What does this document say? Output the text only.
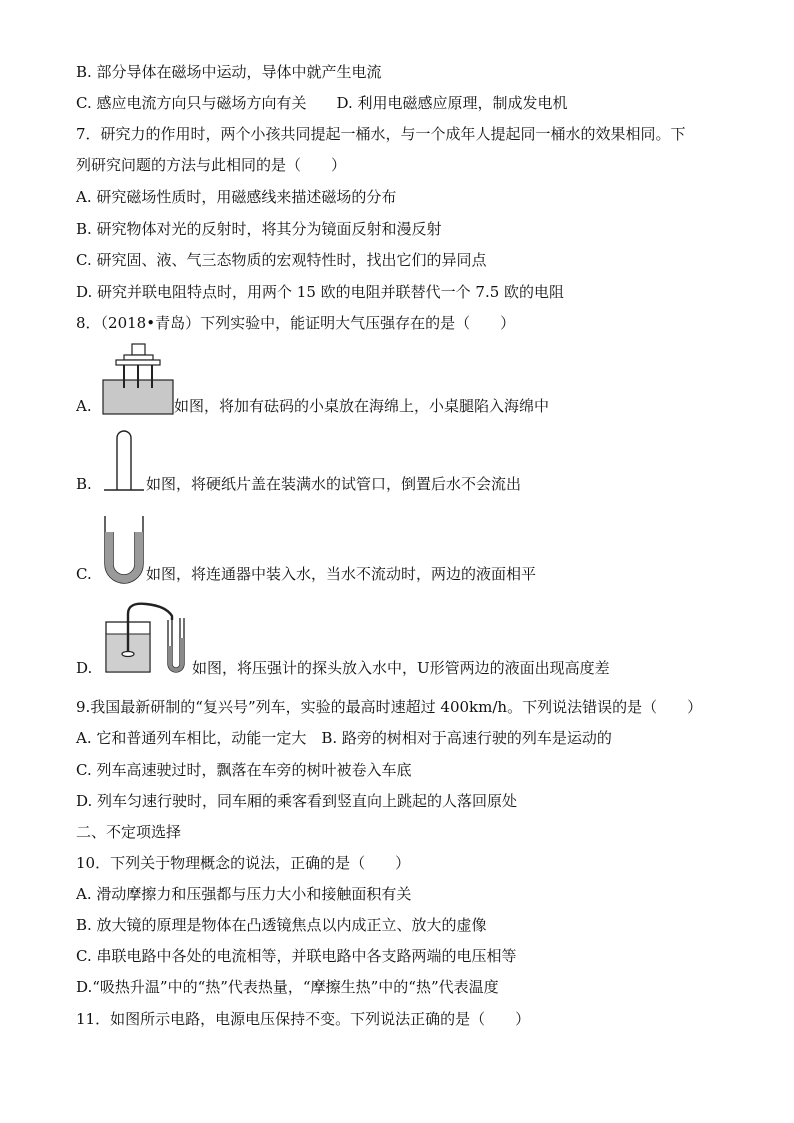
B. 部分导体在磁场中运动，导体中就产生电流
C. 感应电流方向只与磁场方向有关　　D. 利用电磁感应原理，制成发电机
7．研究力的作用时，两个小孩共同提起一桶水，与一个成年人提起同一桶水的效果相同。下
列研究问题的方法与此相同的是（　　）
A. 研究磁场性质时，用磁感线来描述磁场的分布
B. 研究物体对光的反射时，将其分为镜面反射和漫反射
C. 研究固、液、气三态物质的宏观特性时，找出它们的异同点
D. 研究并联电阻特点时，用两个 15 欧的电阻并联替代一个 7.5 欧的电阻
8．（2018•青岛）下列实验中，能证明大气压强存在的是（　　）
A.	如图，将加有砝码的小桌放在海绵上，小桌腿陷入海绵中
B.	如图，将硬纸片盖在装满水的试管口，倒置后水不会流出
C.	如图，将连通器中装入水，当水不流动时，两边的液面相平
D.	如图，将压强计的探头放入水中，U形管两边的液面出现高度差
9.我国最新研制的“复兴号”列车，实验的最高时速超过 400km/h。下列说法错误的是（　　）
A. 它和普通列车相比，动能一定大　B. 路旁的树相对于高速行驶的列车是运动的
C. 列车高速驶过时，飘落在车旁的树叶被卷入车底
D. 列车匀速行驶时，同车厢的乘客看到竖直向上跳起的人落回原处
二、不定项选择
10．下列关于物理概念的说法，正确的是（　　）
A. 滑动摩擦力和压强都与压力大小和接触面积有关
B. 放大镜的原理是物体在凸透镜焦点以内成正立、放大的虚像
C. 串联电路中各处的电流相等，并联电路中各支路两端的电压相等
D.“吸热升温”中的“热”代表热量，“摩擦生热”中的“热”代表温度
11．如图所示电路，电源电压保持不变。下列说法正确的是（　　）
